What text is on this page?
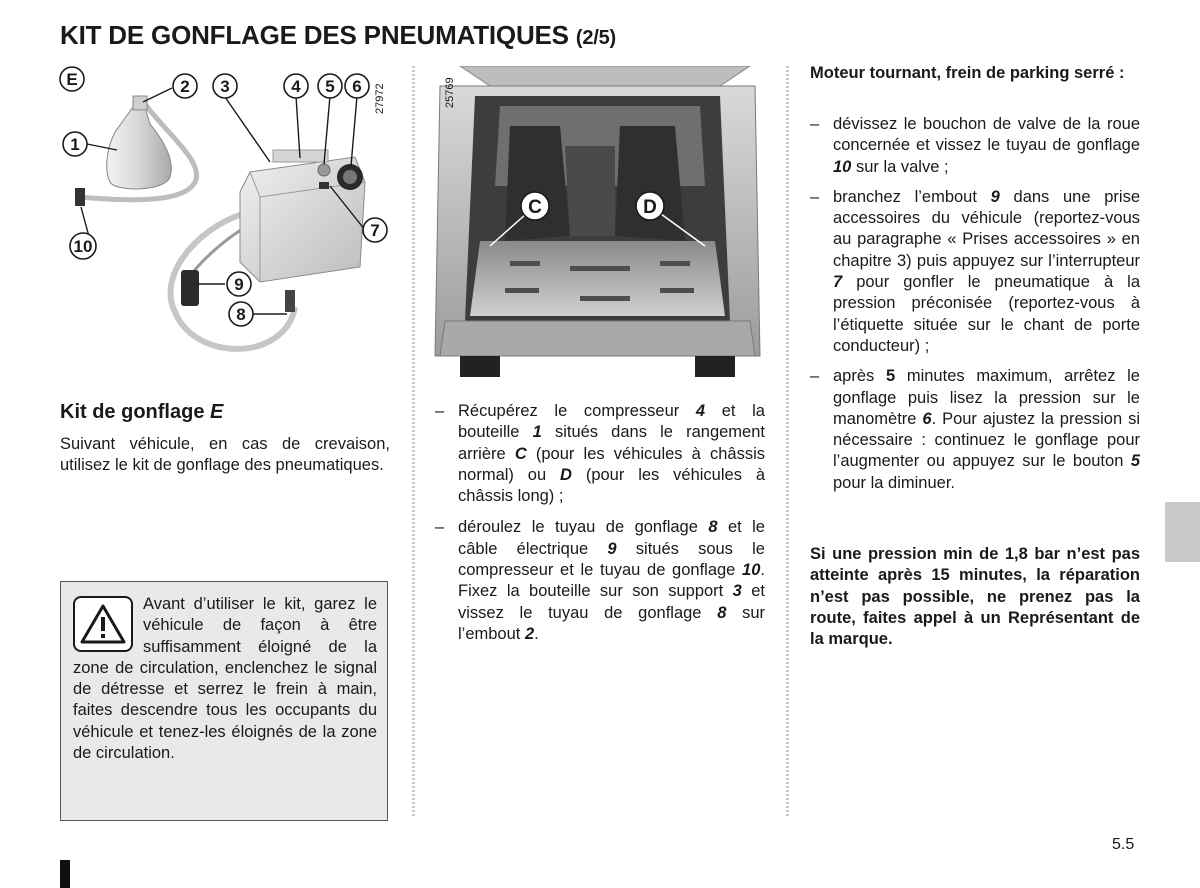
KIT DE GONFLAGE DES PNEUMATIQUES (2/5)
E
1
2 3	4 5 6
7
8
9
10
27972
Kit de gonflage E

Suivant véhicule, en cas de crevaison, utilisez le kit de gonflage des pneumatiques.

Avant d’utiliser le kit, garez le véhicule de façon à être suffisamment éloigné de la zone de circulation, enclenchez le signal de détresse et serrez le frein à main, faites descendre tous les occupants du véhicule et tenez-les éloignés de la zone de circulation.

C	D
25769
– Récupérez le compresseur 4 et la bouteille 1 situés dans le rangement arrière C (pour les véhicules à châssis normal) ou D (pour les véhicules à châssis long) ;
– déroulez le tuyau de gonflage 8 et le câble électrique 9 situés sous le compresseur et le tuyau de gonflage 10. Fixez la bouteille sur son support 3 et vissez le tuyau de gonflage 8 sur l’embout 2.

Moteur tournant, frein de parking serré :

– dévissez le bouchon de valve de la roue concernée et vissez le tuyau de gonflage 10 sur la valve ;
– branchez l’embout 9 dans une prise accessoires du véhicule (reportez-vous au paragraphe « Prises accessoires » en chapitre 3) puis appuyez sur l’interrupteur 7 pour gonfler le pneumatique à la pression préconisée (reportez-vous à l’étiquette située sur le chant de porte conducteur) ;
– après 5 minutes maximum, arrêtez le gonflage puis lisez la pression sur le manomètre 6. Pour ajustez la pression si nécessaire : continuez le gonflage pour l’augmenter ou appuyez sur le bouton 5 pour la diminuer.

Si une pression min de 1,8 bar n’est pas atteinte après 15 minutes, la réparation n’est pas possible, ne prenez pas la route, faites appel à un Représentant de la marque.

5.5
